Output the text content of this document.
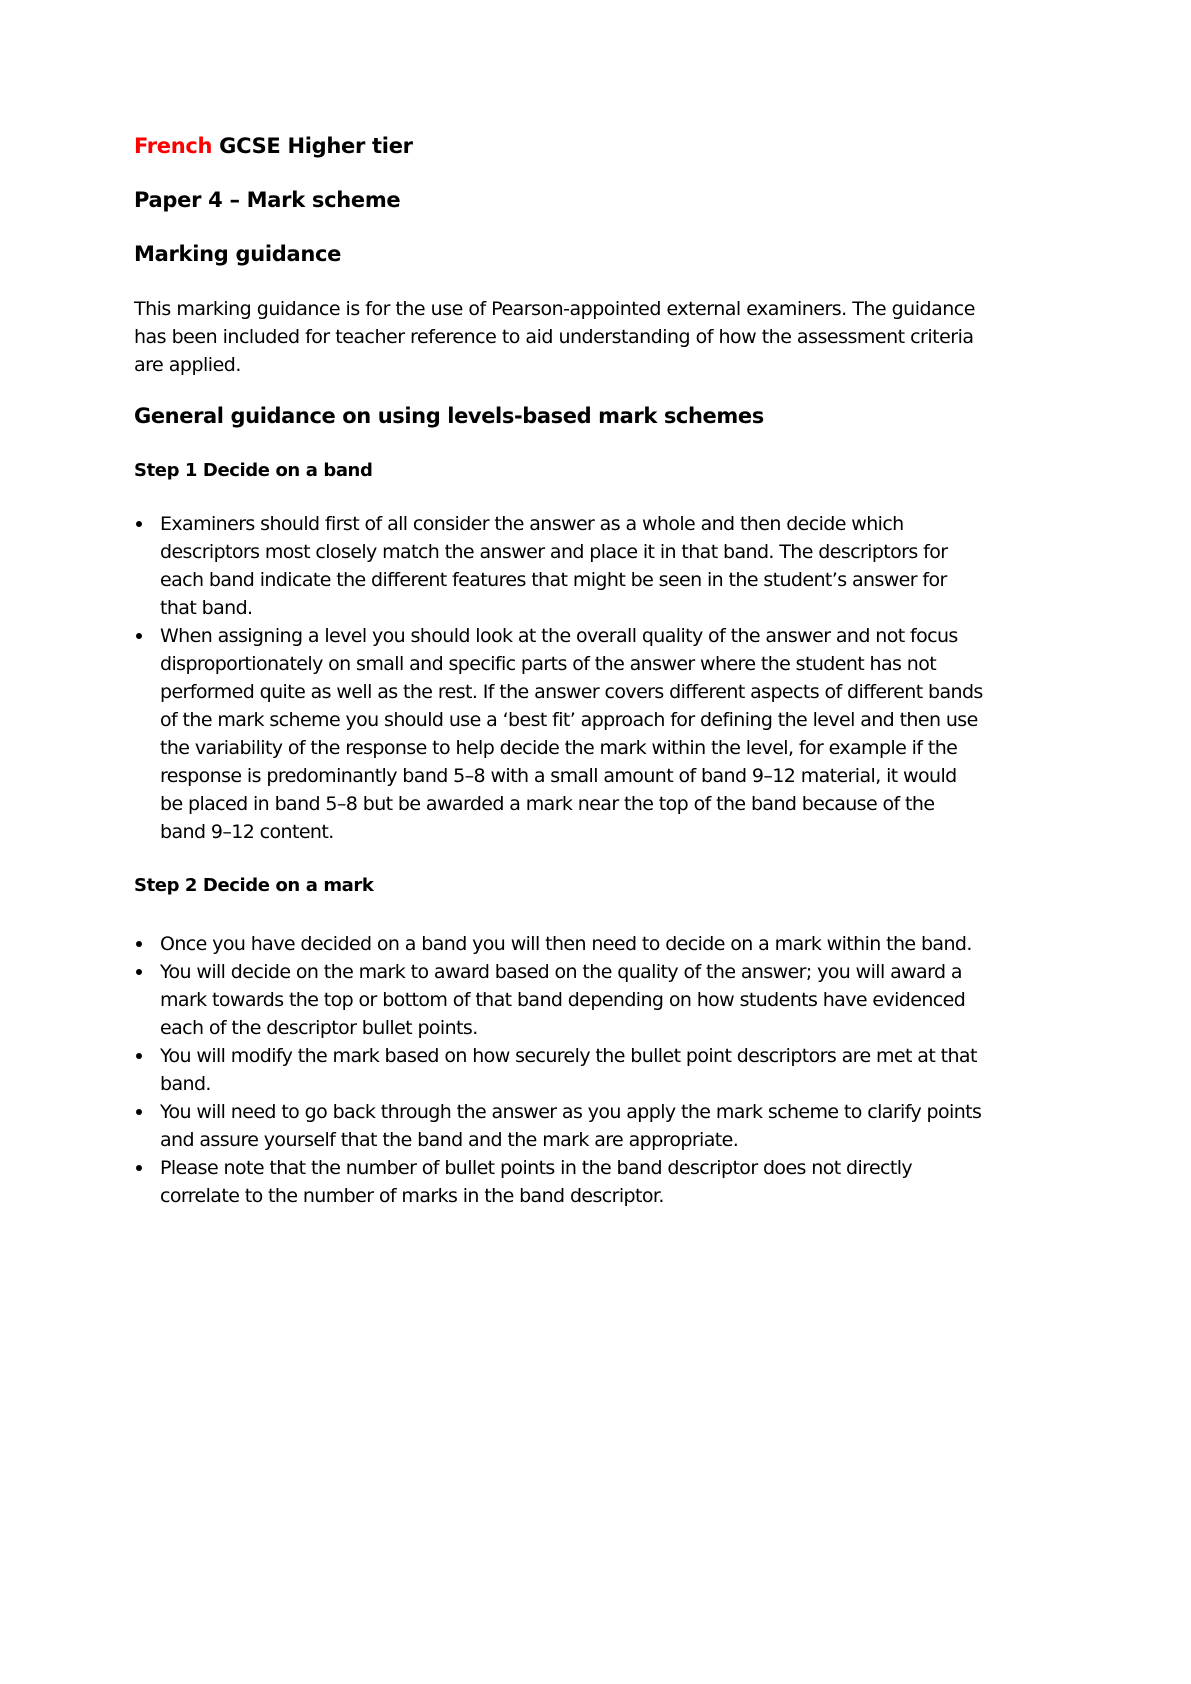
French GCSE Higher tier
Paper 4 – Mark scheme
Marking guidance

This marking guidance is for the use of Pearson-appointed external examiners. The guidance has been included for teacher reference to aid understanding of how the assessment criteria are applied.

General guidance on using levels-based mark schemes
Step 1 Decide on a band
Examiners should first of all consider the answer as a whole and then decide which descriptors most closely match the answer and place it in that band. The descriptors for each band indicate the different features that might be seen in the student’s answer for that band.
When assigning a level you should look at the overall quality of the answer and not focus disproportionately on small and specific parts of the answer where the student has not performed quite as well as the rest. If the answer covers different aspects of different bands of the mark scheme you should use a ‘best fit’ approach for defining the level and then use the variability of the response to help decide the mark within the level, for example if the response is predominantly band 5–8 with a small amount of band 9–12 material, it would be placed in band 5–8 but be awarded a mark near the top of the band because of the band 9–12 content.
Step 2 Decide on a mark
Once you have decided on a band you will then need to decide on a mark within the band.
You will decide on the mark to award based on the quality of the answer; you will award a mark towards the top or bottom of that band depending on how students have evidenced each of the descriptor bullet points.
You will modify the mark based on how securely the bullet point descriptors are met at that band.
You will need to go back through the answer as you apply the mark scheme to clarify points and assure yourself that the band and the mark are appropriate.
Please note that the number of bullet points in the band descriptor does not directly correlate to the number of marks in the band descriptor.
